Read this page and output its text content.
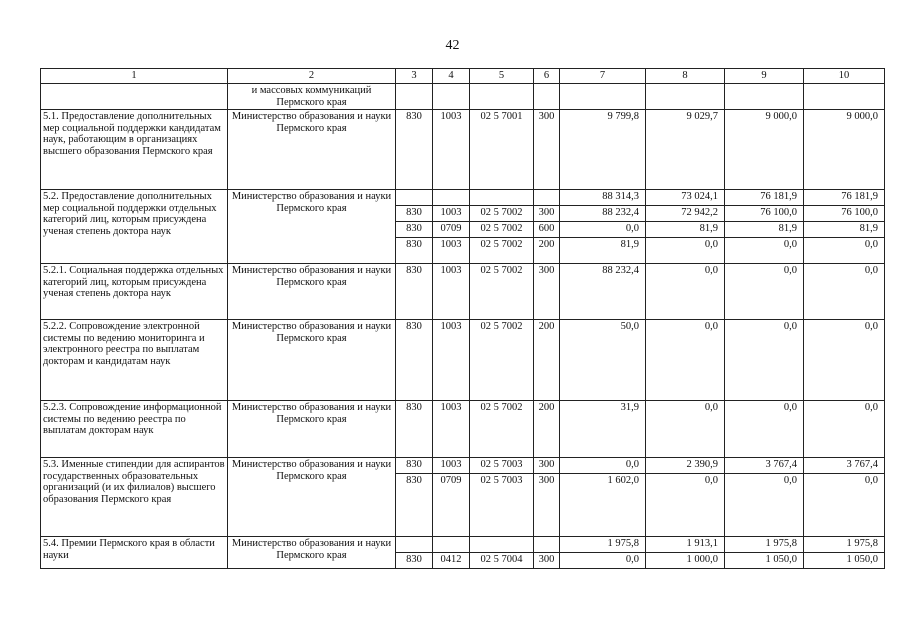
42
1	2	3	4	5	6	7	8	9	10
	и массовых коммуникаций Пермского края								
5.1. Предоставление дополнительных мер социальной поддержки кандидатам наук, работающим в организациях высшего образования Пермского края	Министерство образования и науки Пермского края	830	1003	02 5 7001	300	9 799,8	9 029,7	9 000,0	9 000,0
5.2. Предоставление дополнительных мер социальной поддержки отдельных категорий лиц, которым присуждена ученая степень доктора наук	Министерство образования и науки Пермского края					88 314,3	73 024,1	76 181,9	76 181,9
		830	1003	02 5 7002	300	88 232,4	72 942,2	76 100,0	76 100,0
		830	0709	02 5 7002	600	0,0	81,9	81,9	81,9
		830	1003	02 5 7002	200	81,9	0,0	0,0	0,0
5.2.1. Социальная поддержка отдельных категорий лиц, которым присуждена ученая степень доктора наук	Министерство образования и науки Пермского края	830	1003	02 5 7002	300	88 232,4	0,0	0,0	0,0
5.2.2. Сопровождение электронной системы по ведению мониторинга и электронного реестра по выплатам докторам и кандидатам наук	Министерство образования и науки Пермского края	830	1003	02 5 7002	200	50,0	0,0	0,0	0,0
5.2.3. Сопровождение информационной системы по ведению реестра по выплатам докторам наук	Министерство образования и науки Пермского края	830	1003	02 5 7002	200	31,9	0,0	0,0	0,0
5.3. Именные стипендии для аспирантов государственных образовательных организаций (и их филиалов) высшего образования Пермского края	Министерство образования и науки Пермского края	830	1003	02 5 7003	300	0,0	2 390,9	3 767,4	3 767,4
		830	0709	02 5 7003	300	1 602,0	0,0	0,0	0,0
5.4. Премии Пермского края в области науки	Министерство образования и науки Пермского края					1 975,8	1 913,1	1 975,8	1 975,8
		830	0412	02 5 7004	300	0,0	1 000,0	1 050,0	1 050,0
